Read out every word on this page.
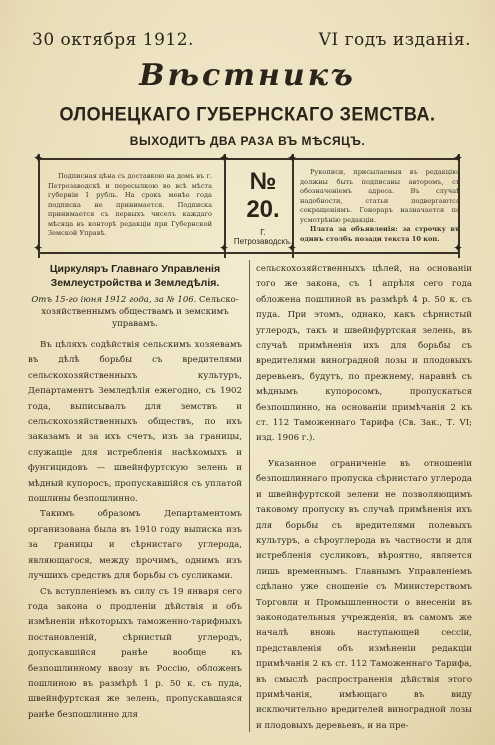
30 октября 1912.	VI годъ изданія.
Вѣстникъ
ОЛОНЕЦКАГО ГУБЕРНСКАГО ЗЕМСТВА.
ВЫХОДИТЪ ДВА РАЗА ВЪ МѢСЯЦЪ.
✦	✦	✦	✦
✦	✦	✦	✦

Подписная цѣна съ доставкою на домъ въ г. Петрозаводскѣ и пересылкою во всѣ мѣста губерніи 1 рубль. На срокъ менѣе года подписка не принимается. Подписка принимается съ первыхъ чиселъ каждаго мѣсяца въ конторѣ редакціи при Губернской Земской Управѣ.

№ 20.
Г. Петрозаводскъ.

Рукописи, присылаемыя въ редакцію, должны быть подписаны авторомъ, съ обозначеніемъ адреса. Въ случаѣ надобности, статьи подвергаются сокращеніямъ. Гонораръ назначается по усмотрѣнію редакціи.

Плата за объявленія: за строчку въ одинъ столбъ позади текста 10 коп.

Циркуляръ Главнаго Управленія Землеустройства и Земледѣлія.

Отъ 15-го іюня 1912 года, за № 106. Сельско-хозяйственнымъ обществамъ и земскимъ управамъ.

Въ цѣляхъ содѣйствія сельскимъ хозяевамъ въ дѣлѣ борьбы съ вредителями сельскохозяйственныхъ культуръ, Департаментъ Земледѣлія ежегодно, съ 1902 года, выписывалъ для земствъ и сельскохозяйственныхъ обществъ, по ихъ заказамъ и за ихъ счетъ, изъ за границы, служащіе для истребленія насѣкомыхъ и фунгицидовъ — швейнфуртскую зелень и мѣдный купоросъ, пропускавшійся съ уплатой пошлины безпошлинно.

Такимъ образомъ Департаментомъ организована была въ 1910 году выписка изъ за границы и сѣрнистаго углерода, являющагося, между прочимъ, однимъ изъ лучшихъ средствъ для борьбы съ сусликами.

Съ вступленіемъ въ силу съ 19 января сего года закона о продленіи дѣйствія и объ измѣненіи нѣкоторыхъ таможенно-тарифныхъ постановленій, сѣрнистый углеродъ, допускавшійся ранѣе вообще къ безпошлинному ввозу въ Россію, обложенъ пошлиною въ размѣрѣ 1 р. 50 к. съ пуда, швейнфуртская же зелень, пропускавшаяся ранѣе безпошлинно для

сельскохозяйственныхъ цѣлей, на основаніи того же закона, съ 1 апрѣля сего года обложена пошлиной въ размѣрѣ 4 р. 50 к. съ пуда. При этомъ, однако, какъ сѣрнистый углеродъ, такъ и швейнфуртская зелень, въ случаѣ примѣненія ихъ для борьбы съ вредителями виноградной лозы и плодовыхъ деревьевъ, будутъ, по прежнему, наравнѣ съ мѣднымъ купоросомъ, пропускаться безпошлинно, на основаніи примѣчанія 2 къ ст. 112 Таможеннаго Тарифа (Св. Зак., Т. VI; изд. 1906 г.).

Указанное ограниченіе въ отношеніи безпошлиннаго пропуска сѣрнистаго углерода и швейнфуртской зелени не позволяющимъ таковому пропуску въ случаѣ примѣненія ихъ для борьбы съ вредителями полевыхъ культуръ, а сѣроуглерода въ частности и для истребленія сусликовъ, вѣроятно, является лишь временнымъ. Главнымъ Управленіемъ сдѣлано уже сношеніе съ Министерствомъ Торговли и Промышленности о внесеніи въ законодательныя учрежденія, въ самомъ же началѣ вновь наступающей сессіи, представленія объ измѣненіи редакціи примѣчанія 2 къ ст. 112 Таможеннаго Тарифа, въ смыслѣ распространенія дѣйствія этого примѣчанія, имѣющаго въ виду исключительно вредителей виноградной лозы и плодовыхъ деревьевъ, и на пре-
